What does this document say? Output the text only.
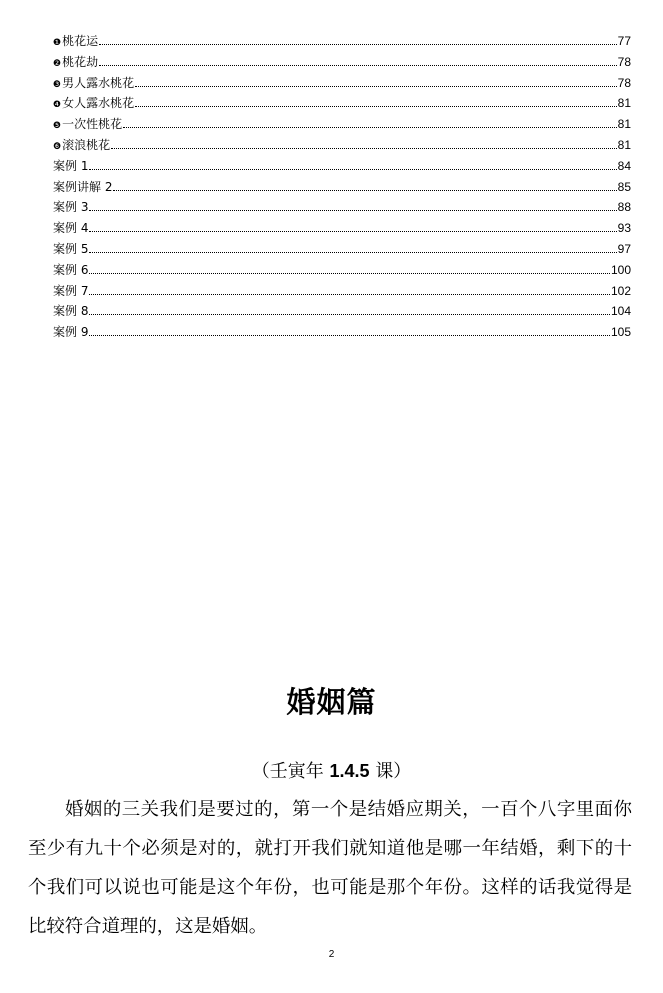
❶ 桃花运	77
❷ 桃花劫	78
❸ 男人露水桃花	78
❹ 女人露水桃花	81
❺ 一次性桃花	81
❻ 滚浪桃花	81
案例 1	84
案例讲解 2	85
案例 3	88
案例 4	93
案例 5	97
案例 6	100
案例 7	102
案例 8	104
案例 9	105
婚姻篇
（壬寅年 1.4.5 课）
婚姻的三关我们是要过的，第一个是结婚应期关，一百个八字里面你至少有九十个必须是对的，就打开我们就知道他是哪一年结婚，剩下的十个我们可以说也可能是这个年份，也可能是那个年份。这样的话我觉得是比较符合道理的，这是婚姻。
2
